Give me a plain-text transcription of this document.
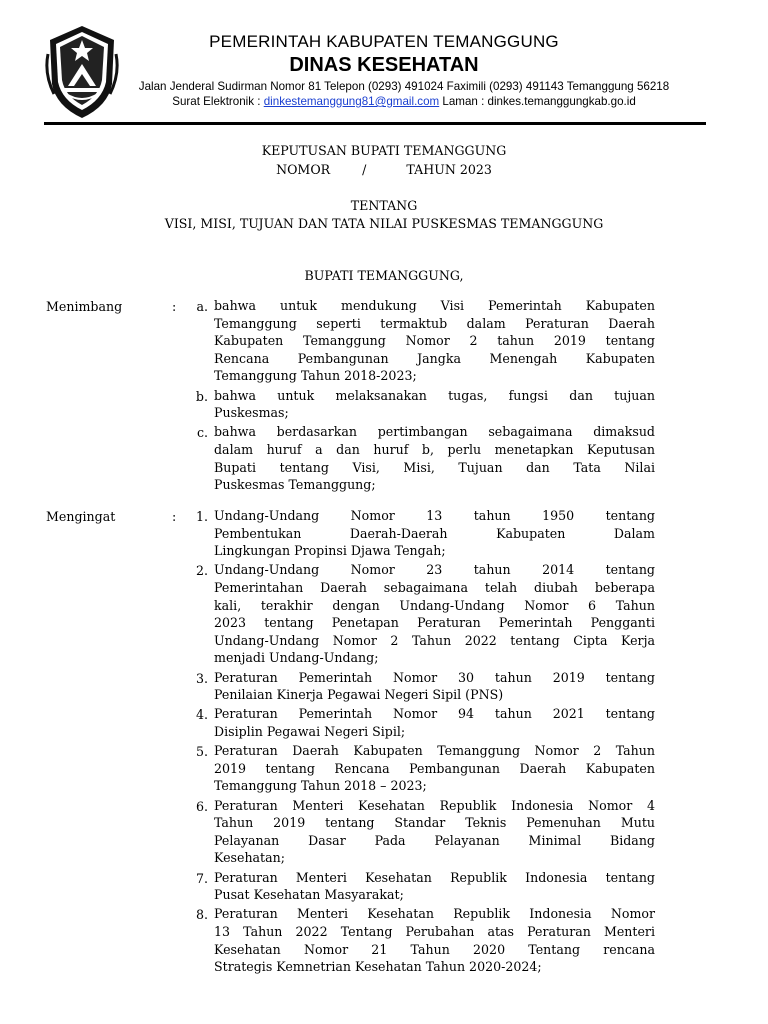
PEMERINTAH KABUPATEN TEMANGGUNG
DINAS KESEHATAN
Jalan Jenderal Sudirman Nomor 81 Telepon (0293) 491024 Faximili (0293) 491143 Temanggung 56218
Surat Elektronik : dinkestemanggung81@gmail.com Laman : dinkes.temanggungkab.go.id
KEPUTUSAN BUPATI TEMANGGUNG
NOMOR        /          TAHUN 2023
TENTANG
VISI, MISI, TUJUAN DAN TATA NILAI PUSKESMAS TEMANGGUNG
BUPATI TEMANGGUNG,
Menimbang	:	a. bahwa untuk mendukung Visi Pemerintah Kabupaten
Temanggung seperti termaktub dalam Peraturan Daerah
Kabupaten Temanggung Nomor 2 tahun 2019 tentang
Rencana Pembangunan Jangka Menengah Kabupaten
Temanggung Tahun 2018-2023;
b. bahwa untuk melaksanakan tugas, fungsi dan tujuan
Puskesmas;
c. bahwa berdasarkan pertimbangan sebagaimana dimaksud
dalam huruf a dan huruf b, perlu menetapkan Keputusan
Bupati tentang Visi, Misi, Tujuan dan Tata Nilai
Puskesmas Temanggung;
Mengingat	:	1. Undang-Undang Nomor 13 tahun 1950 tentang
Pembentukan Daerah-Daerah Kabupaten Dalam
Lingkungan Propinsi Djawa Tengah;
2. Undang-Undang Nomor 23 tahun 2014 tentang
Pemerintahan Daerah sebagaimana telah diubah beberapa
kali, terakhir dengan Undang-Undang Nomor 6 Tahun
2023 tentang Penetapan Peraturan Pemerintah Pengganti
Undang-Undang Nomor 2 Tahun 2022 tentang Cipta Kerja
menjadi Undang-Undang;
3. Peraturan Pemerintah Nomor 30 tahun 2019 tentang
Penilaian Kinerja Pegawai Negeri Sipil (PNS)
4. Peraturan Pemerintah Nomor 94 tahun 2021 tentang
Disiplin Pegawai Negeri Sipil;
5. Peraturan Daerah Kabupaten Temanggung Nomor 2 Tahun
2019 tentang Rencana Pembangunan Daerah Kabupaten
Temanggung Tahun 2018 – 2023;
6. Peraturan Menteri Kesehatan Republik Indonesia Nomor 4
Tahun 2019 tentang Standar Teknis Pemenuhan Mutu
Pelayanan Dasar Pada Pelayanan Minimal Bidang
Kesehatan;
7. Peraturan Menteri Kesehatan Republik Indonesia tentang
Pusat Kesehatan Masyarakat;
8. Peraturan Menteri Kesehatan Republik Indonesia Nomor
13 Tahun 2022 Tentang Perubahan atas Peraturan Menteri
Kesehatan Nomor 21 Tahun 2020 Tentang rencana
Strategis Kemnetrian Kesehatan Tahun 2020-2024;
